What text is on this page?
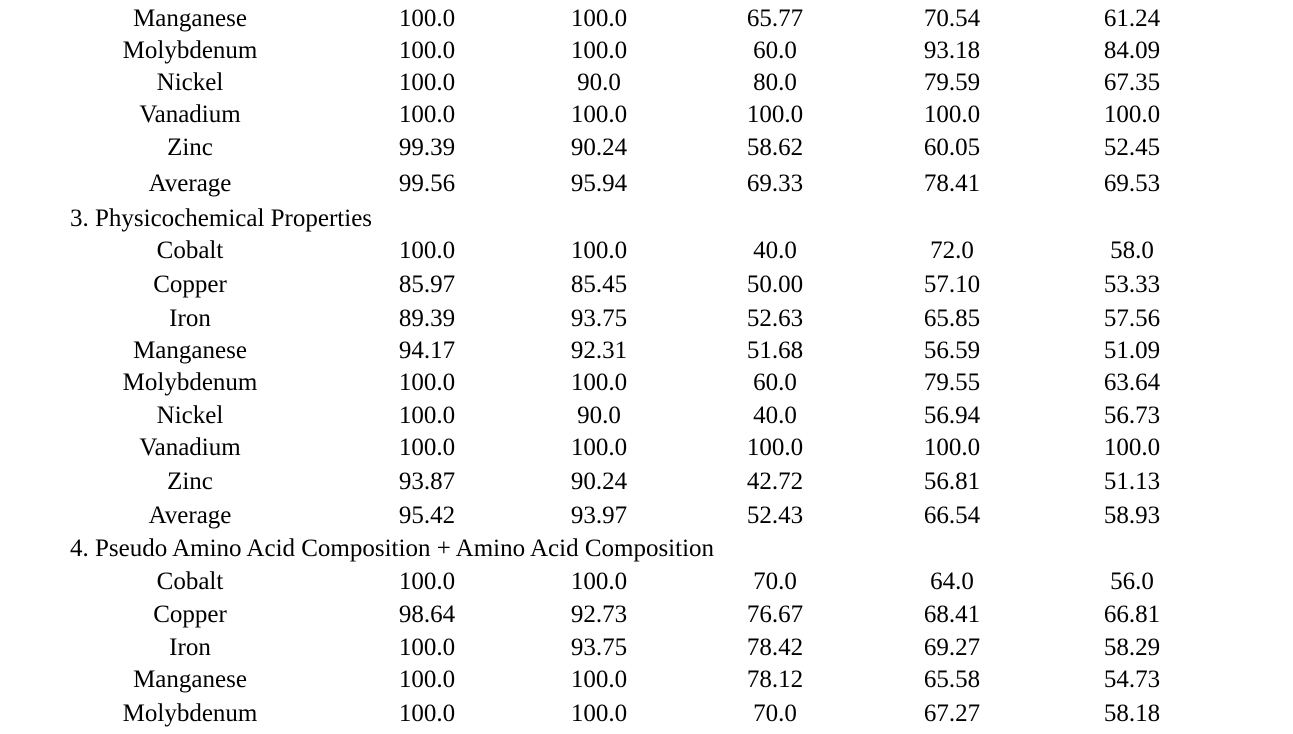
Manganese	100.0	100.0	65.77	70.54	61.24
Molybdenum	100.0	100.0	60.0	93.18	84.09
Nickel	100.0	90.0	80.0	79.59	67.35
Vanadium	100.0	100.0	100.0	100.0	100.0
Zinc	99.39	90.24	58.62	60.05	52.45
Average	99.56	95.94	69.33	78.41	69.53
3. Physicochemical Properties
Cobalt	100.0	100.0	40.0	72.0	58.0
Copper	85.97	85.45	50.00	57.10	53.33
Iron	89.39	93.75	52.63	65.85	57.56
Manganese	94.17	92.31	51.68	56.59	51.09
Molybdenum	100.0	100.0	60.0	79.55	63.64
Nickel	100.0	90.0	40.0	56.94	56.73
Vanadium	100.0	100.0	100.0	100.0	100.0
Zinc	93.87	90.24	42.72	56.81	51.13
Average	95.42	93.97	52.43	66.54	58.93
4. Pseudo Amino Acid Composition + Amino Acid Composition
Cobalt	100.0	100.0	70.0	64.0	56.0
Copper	98.64	92.73	76.67	68.41	66.81
Iron	100.0	93.75	78.42	69.27	58.29
Manganese	100.0	100.0	78.12	65.58	54.73
Molybdenum	100.0	100.0	70.0	67.27	58.18
